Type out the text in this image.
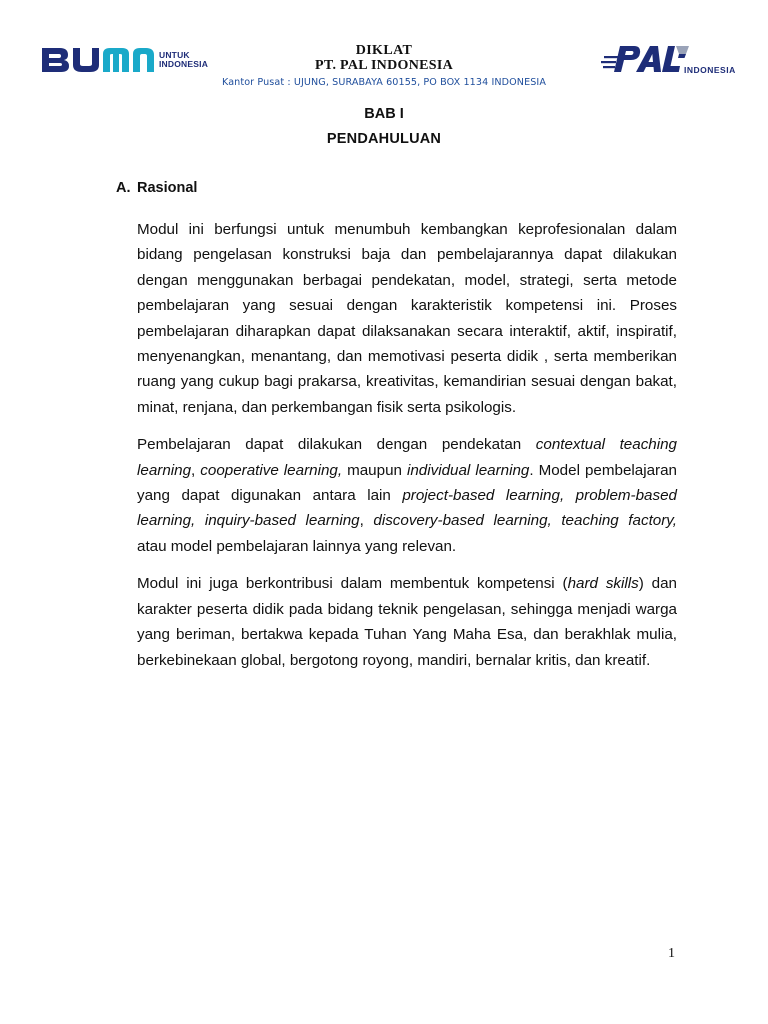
UNTUK
INDONESIA
DIKLAT
PT. PAL INDONESIA
Kantor Pusat : UJUNG, SURABAYA 60155, PO BOX 1134 INDONESIA
INDONESIA
BAB I
PENDAHULUAN
A. Rasional

Modul ini berfungsi untuk menumbuh kembangkan keprofesionalan dalam bidang pengelasan konstruksi baja dan pembelajarannya dapat dilakukan dengan menggunakan berbagai pendekatan, model, strategi, serta metode pembelajaran yang sesuai dengan karakteristik kompetensi ini. Proses pembelajaran diharapkan dapat dilaksanakan secara interaktif, aktif, inspiratif, menyenangkan, menantang, dan memotivasi peserta didik , serta memberikan ruang yang cukup bagi prakarsa, kreativitas, kemandirian sesuai dengan bakat, minat, renjana, dan perkembangan fisik serta psikologis.

Pembelajaran dapat dilakukan dengan pendekatan contextual teaching learning, cooperative learning, maupun individual learning. Model pembelajaran yang dapat digunakan antara lain project-based learning, problem-based learning, inquiry-based learning, discovery-based learning, teaching factory, atau model pembelajaran lainnya yang relevan.

Modul ini juga berkontribusi dalam membentuk kompetensi (hard skills) dan karakter peserta didik pada bidang teknik pengelasan, sehingga menjadi warga yang beriman, bertakwa kepada Tuhan Yang Maha Esa, dan berakhlak mulia, berkebinekaan global, bergotong royong, mandiri, bernalar kritis, dan kreatif.

1
